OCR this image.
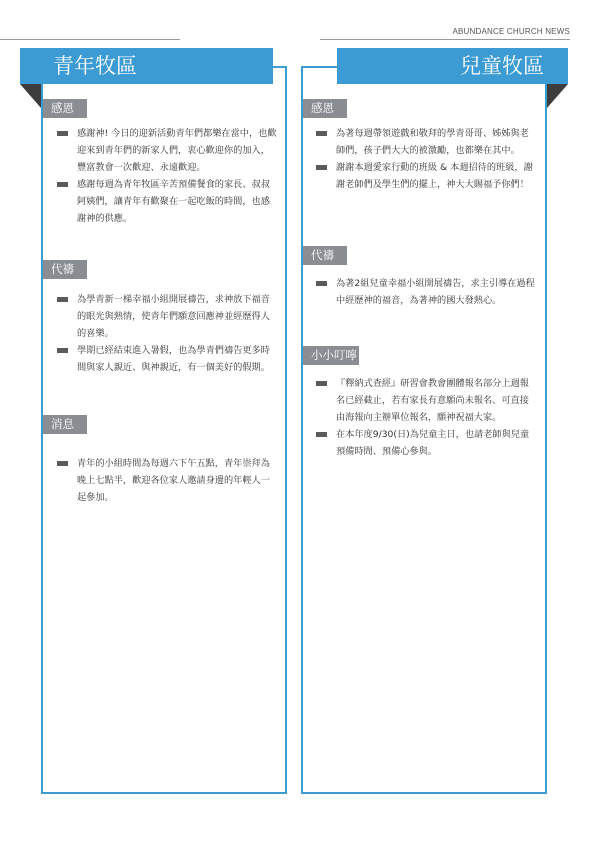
ABUNDANCE CHURCH NEWS
青年牧區
感恩
感謝神! 今日的迎新活動青年們都樂在當中，也歡迎來到青年們的新家人們，衷心歡迎你的加入，豐富教會一次歡迎、永遠歡迎。
感謝每週為青年牧區辛苦預備餐食的家長、叔叔阿姨們，讓青年有歡聚在一起吃飯的時間，也感謝神的供應。
代禱
為學青新一梯幸福小組開展禱告，求神放下福音的眼光與熱情，使青年們願意回應神並經歷得人的喜樂。
學期已經結束進入暑假，也為學青們禱告更多時間與家人親近、與神親近，有一個美好的假期。
消息
青年的小組時間為每週六下午五點，青年崇拜為晚上七點半，歡迎各位家人邀請身邊的年輕人一起參加。
兒童牧區
感恩
為著每週帶領遊戲和敬拜的學青哥哥、姊姊與老師們，孩子們大大的被激勵，也都樂在其中。
謝謝本週愛家行動的班級 & 本週招待的班級，謝謝老師們及學生們的擺上，神大大賜福予你們！
代禱
為著2組兒童幸福小組開展禱告，求主引導在過程中經歷神的福音，為著神的國大發熱心。
小小叮嚀
『釋納式查經』研習會教會團體報名部分上週報名已經截止，若有家長有意願尚未報名、可直接由海報向主辦單位報名，願神祝福大家。
在本年度9/30(日)為兒童主日，也請老師與兒童預備時間、預備心參與。
